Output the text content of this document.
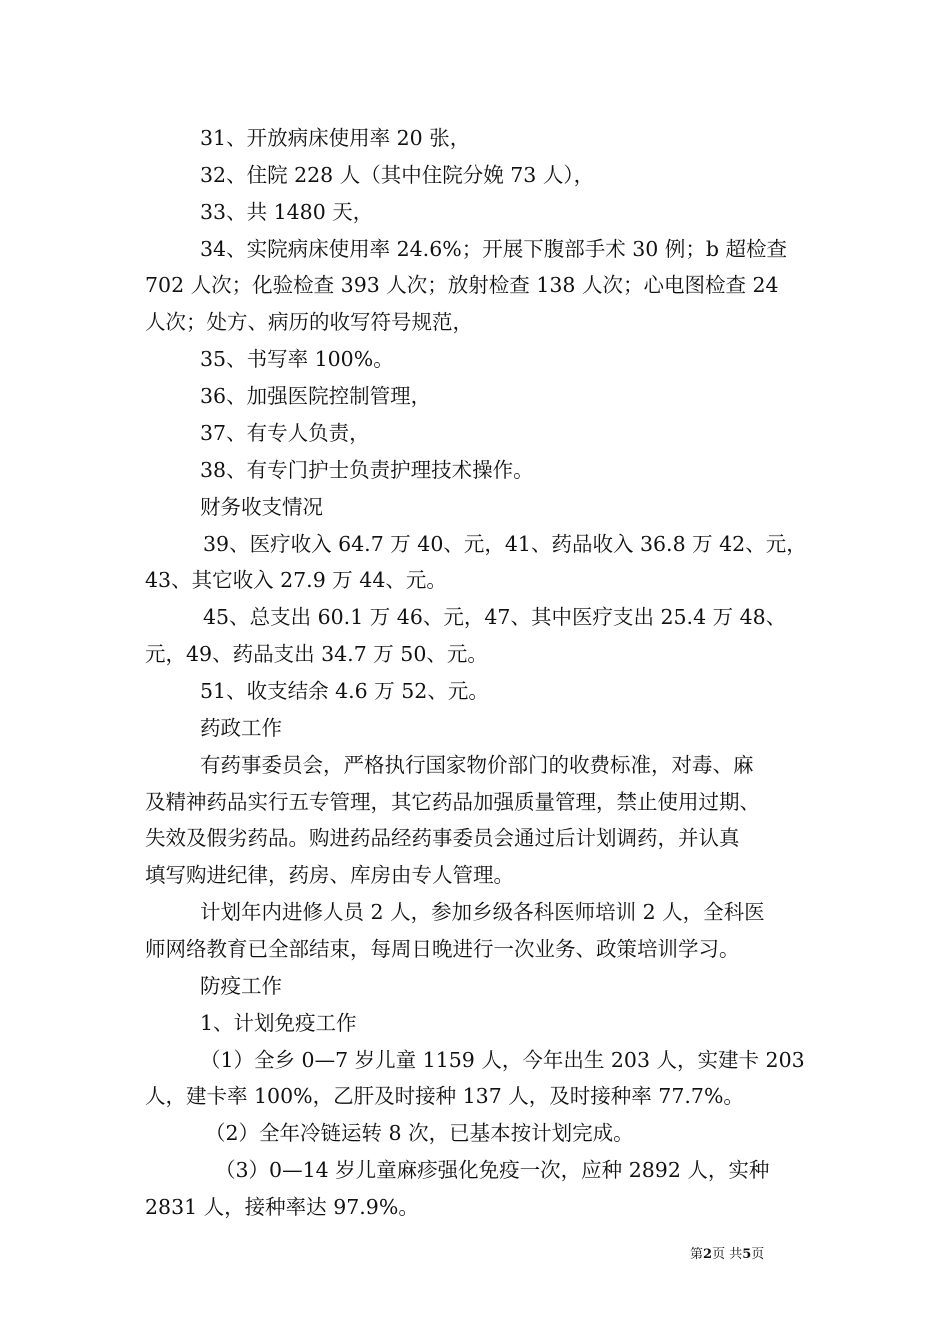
31、开放病床使用率 20 张，
32、住院 228 人（其中住院分娩 73 人），
33、共 1480 天，
34、实院病床使用率 24.6%；开展下腹部手术 30 例；b 超检查
702 人次；化验检查 393 人次；放射检查 138 人次；心电图检查 24
人次；处方、病历的收写符号规范，
35、书写率 100%。
36、加强医院控制管理，
37、有专人负责，
38、有专门护士负责护理技术操作。
财务收支情况
39、医疗收入 64.7 万 40、元，41、药品收入 36.8 万 42、元，
43、其它收入 27.9 万 44、元。
45、总支出 60.1 万 46、元，47、其中医疗支出 25.4 万 48、
元，49、药品支出 34.7 万 50、元。
51、收支结余 4.6 万 52、元。
药政工作
有药事委员会，严格执行国家物价部门的收费标准，对毒、麻
及精神药品实行五专管理，其它药品加强质量管理，禁止使用过期、
失效及假劣药品。购进药品经药事委员会通过后计划调药，并认真
填写购进纪律，药房、库房由专人管理。
计划年内进修人员 2 人，参加乡级各科医师培训 2 人，全科医
师网络教育已全部结束，每周日晚进行一次业务、政策培训学习。
防疫工作
1、计划免疫工作
（1）全乡 0—7 岁儿童 1159 人，今年出生 203 人，实建卡 203
人，建卡率 100%，乙肝及时接种 137 人，及时接种率 77.7%。
（2）全年冷链运转 8 次，已基本按计划完成。
（3）0—14 岁儿童麻疹强化免疫一次，应种 2892 人，实种
2831 人，接种率达 97.9%。
第2页 共5页
